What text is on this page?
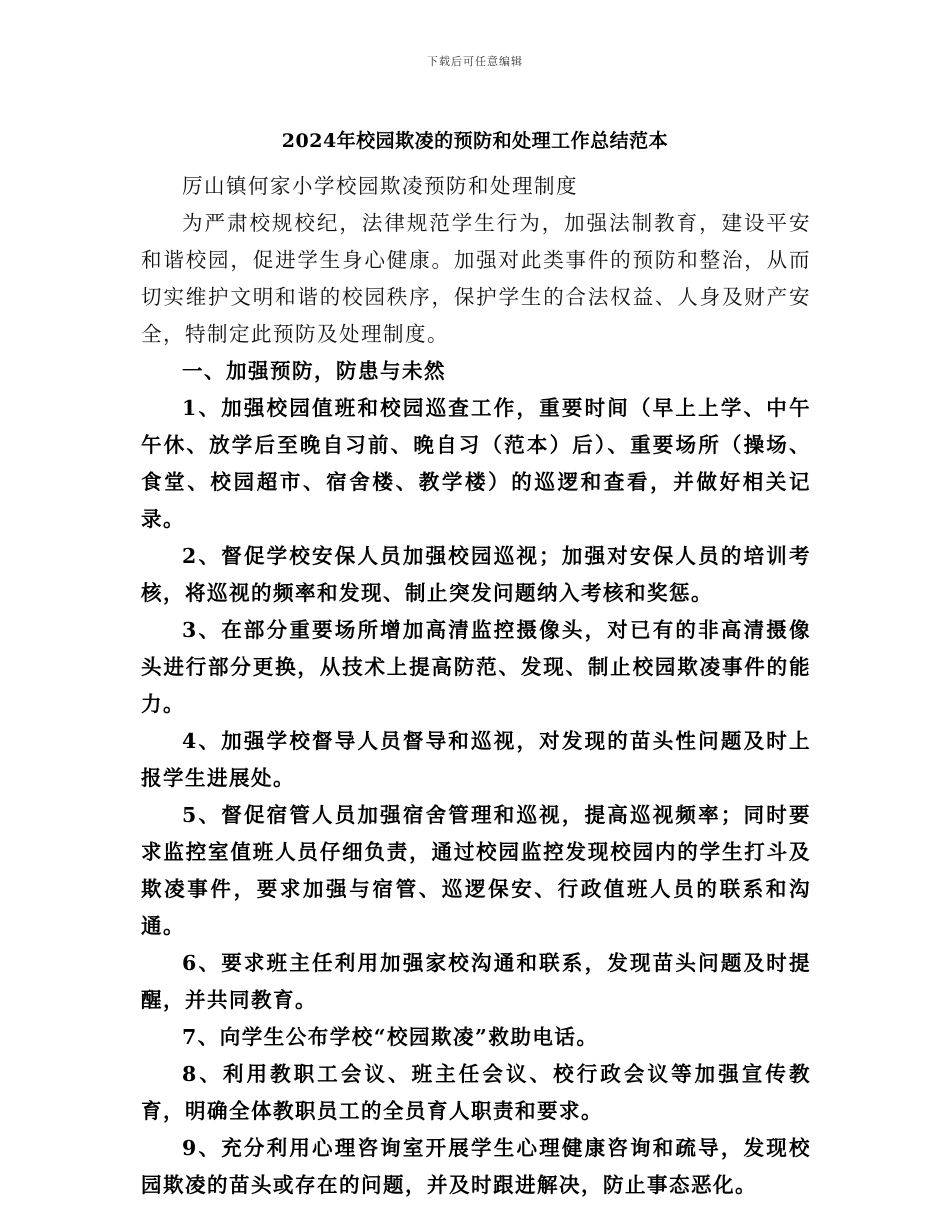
下载后可任意编辑
2024年校园欺凌的预防和处理工作总结范本

厉山镇何家小学校园欺凌预防和处理制度

为严肃校规校纪，法律规范学生行为，加强法制教育，建设平安和谐校园，促进学生身心健康。加强对此类事件的预防和整治，从而切实维护文明和谐的校园秩序，保护学生的合法权益、人身及财产安全，特制定此预防及处理制度。

一、加强预防，防患与未然

1、加强校园值班和校园巡查工作，重要时间（早上上学、中午午休、放学后至晚自习前、晚自习（范本）后）、重要场所（操场、食堂、校园超市、宿舍楼、教学楼）的巡逻和查看，并做好相关记录。

2、督促学校安保人员加强校园巡视；加强对安保人员的培训考核，将巡视的频率和发现、制止突发问题纳入考核和奖惩。

3、在部分重要场所增加高清监控摄像头，对已有的非高清摄像头进行部分更换，从技术上提高防范、发现、制止校园欺凌事件的能力。

4、加强学校督导人员督导和巡视，对发现的苗头性问题及时上报学生进展处。

5、督促宿管人员加强宿舍管理和巡视，提高巡视频率；同时要求监控室值班人员仔细负责，通过校园监控发现校园内的学生打斗及欺凌事件，要求加强与宿管、巡逻保安、行政值班人员的联系和沟通。

6、要求班主任利用加强家校沟通和联系，发现苗头问题及时提醒，并共同教育。

7、向学生公布学校“校园欺凌”救助电话。

8、利用教职工会议、班主任会议、校行政会议等加强宣传教育，明确全体教职员工的全员育人职责和要求。

9、充分利用心理咨询室开展学生心理健康咨询和疏导，发现校园欺凌的苗头或存在的问题，并及时跟进解决，防止事态恶化。
